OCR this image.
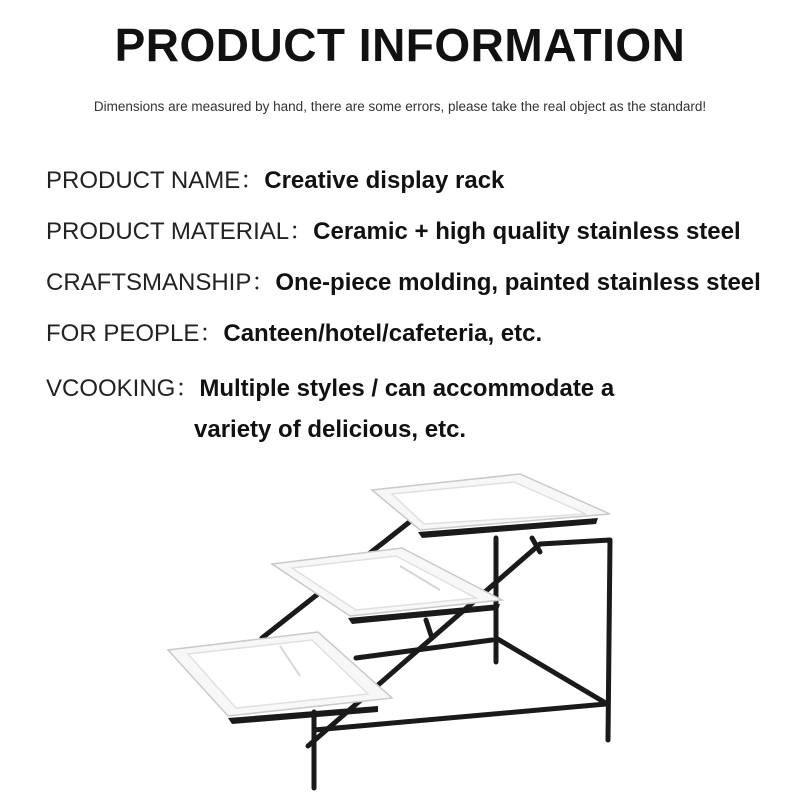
PRODUCT INFORMATION
Dimensions are measured by hand, there are some errors, please take the real object as the standard!
PRODUCT NAME：Creative display rack
PRODUCT MATERIAL：Ceramic + high quality stainless steel
CRAFTSMANSHIP：One-piece molding, painted stainless steel
FOR PEOPLE：Canteen/hotel/cafeteria, etc.
VCOOKING：Multiple styles / can accommodate a
variety of delicious, etc.
